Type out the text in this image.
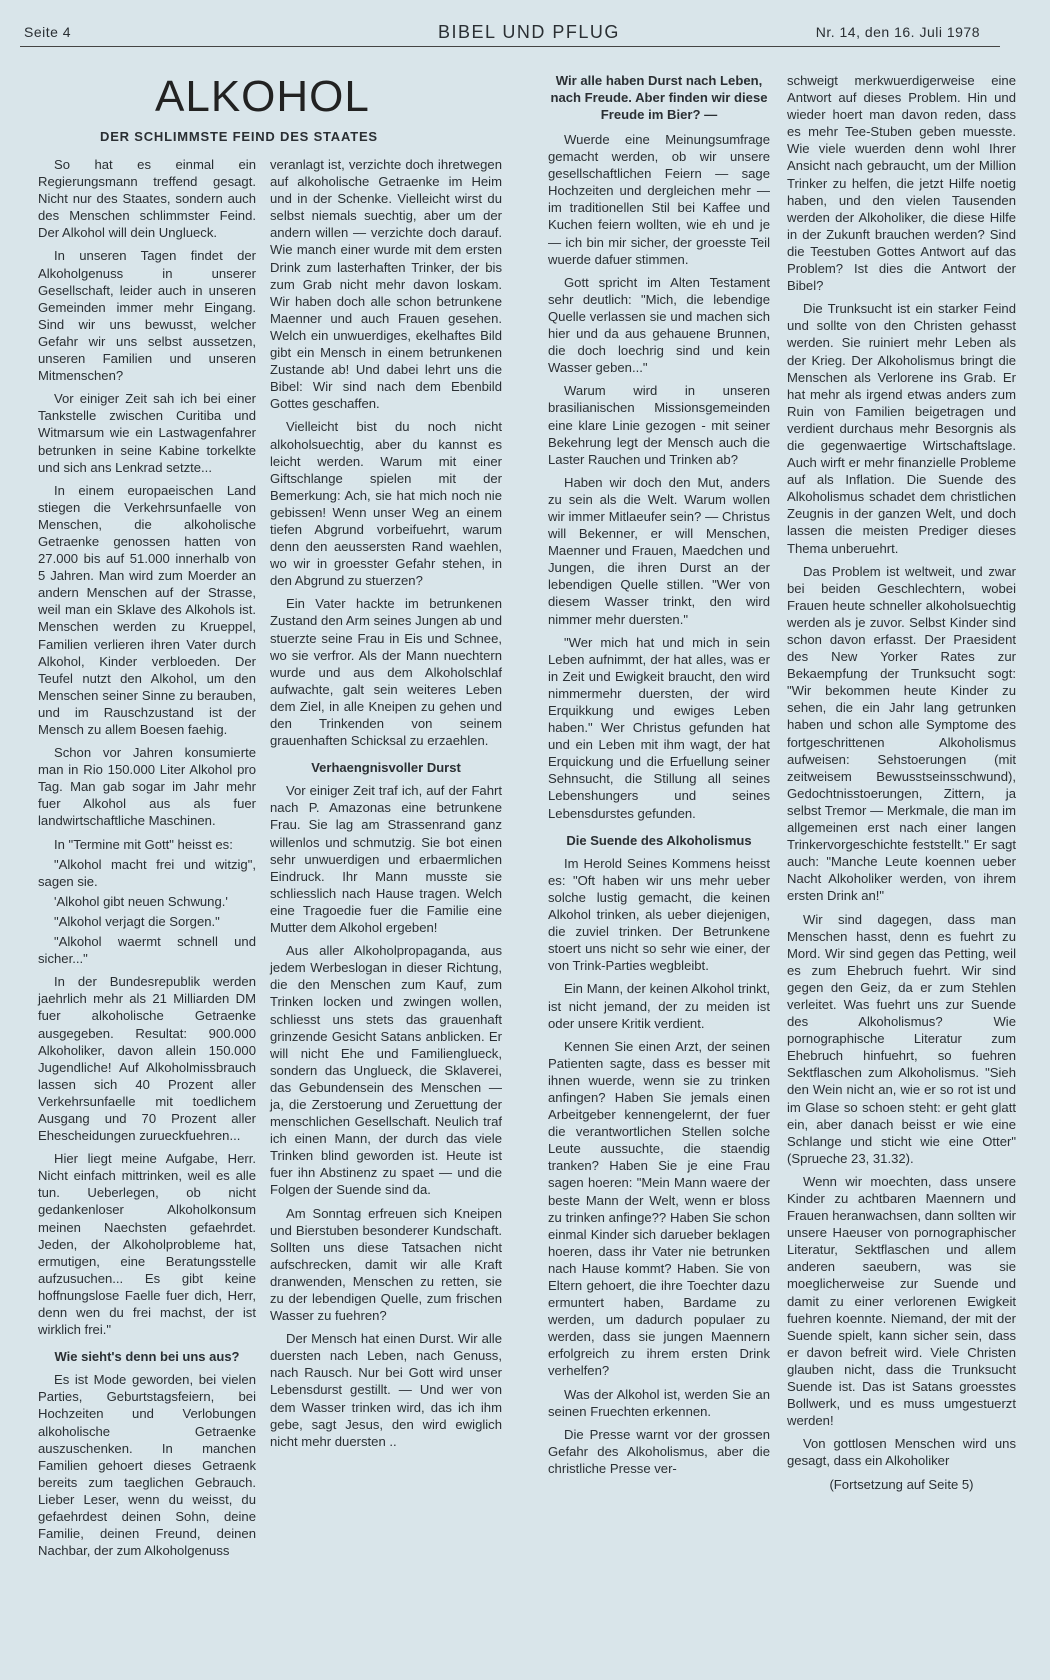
Seite 4	BIBEL UND PFLUG	Nr. 14, den 16. Juli 1978
ALKOHOL
DER SCHLIMMSTE FEIND DES STAATES

So hat es einmal ein Regierungsmann treffend gesagt. Nicht nur des Staates, sondern auch des Menschen schlimmster Feind. Der Alkohol will dein Unglueck.

In unseren Tagen findet der Alkoholgenuss in unserer Gesellschaft, leider auch in unseren Gemeinden immer mehr Eingang. Sind wir uns bewusst, welcher Gefahr wir uns selbst aussetzen, unseren Familien und unseren Mitmenschen?

Vor einiger Zeit sah ich bei einer Tankstelle zwischen Curitiba und Witmarsum wie ein Lastwagenfahrer betrunken in seine Kabine torkelkte und sich ans Lenkrad setzte...

In einem europaeischen Land stiegen die Verkehrsunfaelle von Menschen, die alkoholische Getraenke genossen hatten von 27.000 bis auf 51.000 innerhalb von 5 Jahren. Man wird zum Moerder an andern Menschen auf der Strasse, weil man ein Sklave des Alkohols ist. Menschen werden zu Krueppel, Familien verlieren ihren Vater durch Alkohol, Kinder verbloeden. Der Teufel nutzt den Alkohol, um den Menschen seiner Sinne zu berauben, und im Rauschzustand ist der Mensch zu allem Boesen faehig.

Schon vor Jahren konsumierte man in Rio 150.000 Liter Alkohol pro Tag. Man gab sogar im Jahr mehr fuer Alkohol aus als fuer landwirtschaftliche Maschinen.

In "Termine mit Gott" heisst es:

"Alkohol macht frei und witzig", sagen sie.

'Alkohol gibt neuen Schwung.'

"Alkohol verjagt die Sorgen."

"Alkohol waermt schnell und sicher..."

In der Bundesrepublik werden jaehrlich mehr als 21 Milliarden DM fuer alkoholische Getraenke ausgegeben. Resultat: 900.000 Alkoholiker, davon allein 150.000 Jugendliche! Auf Alkoholmissbrauch lassen sich 40 Prozent aller Verkehrsunfaelle mit toedlichem Ausgang und 70 Prozent aller Ehescheidungen zurueckfuehren...

Hier liegt meine Aufgabe, Herr. Nicht einfach mittrinken, weil es alle tun. Ueberlegen, ob nicht gedankenloser Alkoholkonsum meinen Naechsten gefaehrdet. Jeden, der Alkoholprobleme hat, ermutigen, eine Beratungsstelle aufzusuchen... Es gibt keine hoffnungslose Faelle fuer dich, Herr, denn wen du frei machst, der ist wirklich frei."

Wie sieht's denn bei uns aus?

Es ist Mode geworden, bei vielen Parties, Geburtstagsfeiern, bei Hochzeiten und Verlobungen alkoholische Getraenke auszuschenken. In manchen Familien gehoert dieses Getraenk bereits zum taeglichen Gebrauch. Lieber Leser, wenn du weisst, du gefaehrdest deinen Sohn, deine Familie, deinen Freund, deinen Nachbar, der zum Alkoholgenuss

veranlagt ist, verzichte doch ihretwegen auf alkoholische Getraenke im Heim und in der Schenke. Vielleicht wirst du selbst niemals suechtig, aber um der andern willen — verzichte doch darauf. Wie manch einer wurde mit dem ersten Drink zum lasterhaften Trinker, der bis zum Grab nicht mehr davon loskam. Wir haben doch alle schon betrunkene Maenner und auch Frauen gesehen. Welch ein unwuerdiges, ekelhaftes Bild gibt ein Mensch in einem betrunkenen Zustande ab! Und dabei lehrt uns die Bibel: Wir sind nach dem Ebenbild Gottes geschaffen.

Vielleicht bist du noch nicht alkoholsuechtig, aber du kannst es leicht werden. Warum mit einer Giftschlange spielen mit der Bemerkung: Ach, sie hat mich noch nie gebissen! Wenn unser Weg an einem tiefen Abgrund vorbeifuehrt, warum denn den aeussersten Rand waehlen, wo wir in groesster Gefahr stehen, in den Abgrund zu stuerzen?

Ein Vater hackte im betrunkenen Zustand den Arm seines Jungen ab und stuerzte seine Frau in Eis und Schnee, wo sie verfror. Als der Mann nuechtern wurde und aus dem Alkoholschlaf aufwachte, galt sein weiteres Leben dem Ziel, in alle Kneipen zu gehen und den Trinkenden von seinem grauenhaften Schicksal zu erzaehlen.

Verhaengnisvoller Durst

Vor einiger Zeit traf ich, auf der Fahrt nach P. Amazonas eine betrunkene Frau. Sie lag am Strassenrand ganz willenlos und schmutzig. Sie bot einen sehr unwuerdigen und erbaermlichen Eindruck. Ihr Mann musste sie schliesslich nach Hause tragen. Welch eine Tragoedie fuer die Familie eine Mutter dem Alkohol ergeben!

Aus aller Alkoholpropaganda, aus jedem Werbeslogan in dieser Richtung, die den Menschen zum Kauf, zum Trinken locken und zwingen wollen, schliesst uns stets das grauenhaft grinzende Gesicht Satans anblicken. Er will nicht Ehe und Familienglueck, sondern das Unglueck, die Sklaverei, das Gebundensein des Menschen — ja, die Zerstoerung und Zeruettung der menschlichen Gesellschaft. Neulich traf ich einen Mann, der durch das viele Trinken blind geworden ist. Heute ist fuer ihn Abstinenz zu spaet — und die Folgen der Suende sind da.

Am Sonntag erfreuen sich Kneipen und Bierstuben besonderer Kundschaft. Sollten uns diese Tatsachen nicht aufschrecken, damit wir alle Kraft dranwenden, Menschen zu retten, sie zu der lebendigen Quelle, zum frischen Wasser zu fuehren?

Der Mensch hat einen Durst. Wir alle duersten nach Leben, nach Genuss, nach Rausch. Nur bei Gott wird unser Lebensdurst gestillt. — Und wer von dem Wasser trinken wird, das ich ihm gebe, sagt Jesus, den wird ewiglich nicht mehr duersten ..

Wir alle haben Durst nach Leben, nach Freude. Aber finden wir diese Freude im Bier? —

Wuerde eine Meinungsumfrage gemacht werden, ob wir unsere gesellschaftlichen Feiern — sage Hochzeiten und dergleichen mehr — im traditionellen Stil bei Kaffee und Kuchen feiern wollten, wie eh und je — ich bin mir sicher, der groesste Teil wuerde dafuer stimmen.

Gott spricht im Alten Testament sehr deutlich: "Mich, die lebendige Quelle verlassen sie und machen sich hier und da aus gehauene Brunnen, die doch loechrig sind und kein Wasser geben..."

Warum wird in unseren brasilianischen Missionsgemeinden eine klare Linie gezogen - mit seiner Bekehrung legt der Mensch auch die Laster Rauchen und Trinken ab?

Haben wir doch den Mut, anders zu sein als die Welt. Warum wollen wir immer Mitlaeufer sein? — Christus will Bekenner, er will Menschen, Maenner und Frauen, Maedchen und Jungen, die ihren Durst an der lebendigen Quelle stillen. "Wer von diesem Wasser trinkt, den wird nimmer mehr duersten."

"Wer mich hat und mich in sein Leben aufnimmt, der hat alles, was er in Zeit und Ewigkeit braucht, den wird nimmermehr duersten, der wird Erquikkung und ewiges Leben haben." Wer Christus gefunden hat und ein Leben mit ihm wagt, der hat Erquickung und die Erfuellung seiner Sehnsucht, die Stillung all seines Lebenshungers und seines Lebensdurstes gefunden.

Die Suende des Alkoholismus

Im Herold Seines Kommens heisst es: "Oft haben wir uns mehr ueber solche lustig gemacht, die keinen Alkohol trinken, als ueber diejenigen, die zuviel trinken. Der Betrunkene stoert uns nicht so sehr wie einer, der von Trink-Parties wegbleibt.

Ein Mann, der keinen Alkohol trinkt, ist nicht jemand, der zu meiden ist oder unsere Kritik verdient.

Kennen Sie einen Arzt, der seinen Patienten sagte, dass es besser mit ihnen wuerde, wenn sie zu trinken anfingen? Haben Sie jemals einen Arbeitgeber kennengelernt, der fuer die verantwortlichen Stellen solche Leute aussuchte, die staendig tranken? Haben Sie je eine Frau sagen hoeren: "Mein Mann waere der beste Mann der Welt, wenn er bloss zu trinken anfinge?? Haben Sie schon einmal Kinder sich darueber beklagen hoeren, dass ihr Vater nie betrunken nach Hause kommt? Haben. Sie von Eltern gehoert, die ihre Toechter dazu ermuntert haben, Bardame zu werden, um dadurch populaer zu werden, dass sie jungen Maennern erfolgreich zu ihrem ersten Drink verhelfen?

Was der Alkohol ist, werden Sie an seinen Fruechten erkennen.

Die Presse warnt vor der grossen Gefahr des Alkoholismus, aber die christliche Presse ver-

schweigt merkwuerdigerweise eine Antwort auf dieses Problem. Hin und wieder hoert man davon reden, dass es mehr Tee-Stuben geben muesste. Wie viele wuerden denn wohl Ihrer Ansicht nach gebraucht, um der Million Trinker zu helfen, die jetzt Hilfe noetig haben, und den vielen Tausenden werden der Alkoholiker, die diese Hilfe in der Zukunft brauchen werden? Sind die Teestuben Gottes Antwort auf das Problem? Ist dies die Antwort der Bibel?

Die Trunksucht ist ein starker Feind und sollte von den Christen gehasst werden. Sie ruiniert mehr Leben als der Krieg. Der Alkoholismus bringt die Menschen als Verlorene ins Grab. Er hat mehr als irgend etwas anders zum Ruin von Familien beigetragen und verdient durchaus mehr Besorgnis als die gegenwaertige Wirtschaftslage. Auch wirft er mehr finanzielle Probleme auf als Inflation. Die Suende des Alkoholismus schadet dem christlichen Zeugnis in der ganzen Welt, und doch lassen die meisten Prediger dieses Thema unberuehrt.

Das Problem ist weltweit, und zwar bei beiden Geschlechtern, wobei Frauen heute schneller alkoholsuechtig werden als je zuvor. Selbst Kinder sind schon davon erfasst. Der Praesident des New Yorker Rates zur Bekaempfung der Trunksucht sogt: "Wir bekommen heute Kinder zu sehen, die ein Jahr lang getrunken haben und schon alle Symptome des fortgeschrittenen Alkoholismus aufweisen: Sehstoerungen (mit zeitweisem Bewusstseinsschwund), Gedochtnisstoerungen, Zittern, ja selbst Tremor — Merkmale, die man im allgemeinen erst nach einer langen Trinkervorgeschichte feststellt." Er sagt auch: "Manche Leute koennen ueber Nacht Alkoholiker werden, von ihrem ersten Drink an!"

Wir sind dagegen, dass man Menschen hasst, denn es fuehrt zu Mord. Wir sind gegen das Petting, weil es zum Ehebruch fuehrt. Wir sind gegen den Geiz, da er zum Stehlen verleitet. Was fuehrt uns zur Suende des Alkoholismus? Wie pornographische Literatur zum Ehebruch hinfuehrt, so fuehren Sektflaschen zum Alkoholismus. "Sieh den Wein nicht an, wie er so rot ist und im Glase so schoen steht: er geht glatt ein, aber danach beisst er wie eine Schlange und sticht wie eine Otter" (Sprueche 23, 31.32).

Wenn wir moechten, dass unsere Kinder zu achtbaren Maennern und Frauen heranwachsen, dann sollten wir unsere Haeuser von pornographischer Literatur, Sektflaschen und allem anderen saeubern, was sie moeglicherweise zur Suende und damit zu einer verlorenen Ewigkeit fuehren koennte. Niemand, der mit der Suende spielt, kann sicher sein, dass er davon befreit wird. Viele Christen glauben nicht, dass die Trunksucht Suende ist. Das ist Satans groesstes Bollwerk, und es muss umgestuerzt werden!

Von gottlosen Menschen wird uns gesagt, dass ein Alkoholiker

(Fortsetzung auf Seite 5)
